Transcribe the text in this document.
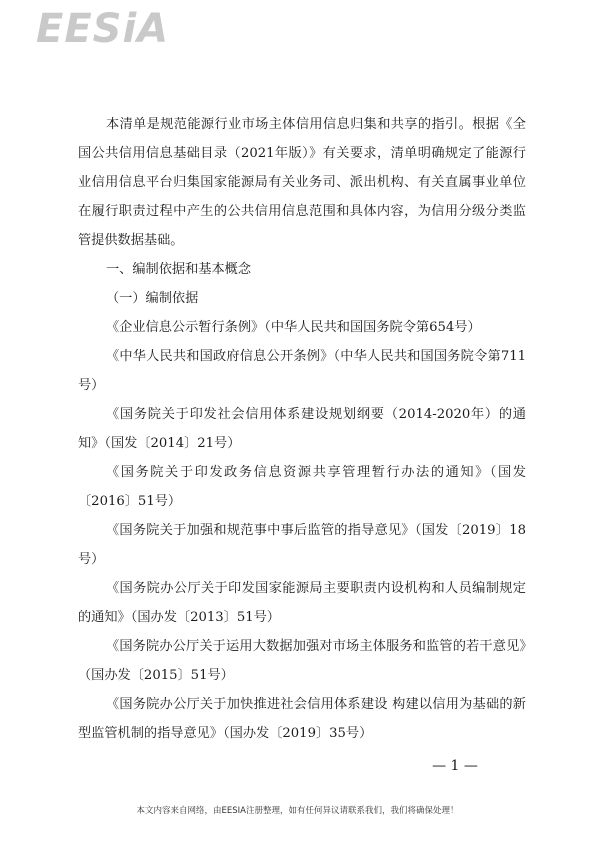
EESiA

本清单是规范能源行业市场主体信用信息归集和共享的指引。根据《全国公共信用信息基础目录（2021年版）》有关要求，清单明确规定了能源行业信用信息平台归集国家能源局有关业务司、派出机构、有关直属事业单位在履行职责过程中产生的公共信用信息范围和具体内容，为信用分级分类监管提供数据基础。

一、编制依据和基本概念

（一）编制依据

《企业信息公示暂行条例》（中华人民共和国国务院令第654号）

《中华人民共和国政府信息公开条例》（中华人民共和国国务院令第711号）

《国务院关于印发社会信用体系建设规划纲要（2014-2020年）的通知》（国发〔2014〕21号）

《国务院关于印发政务信息资源共享管理暂行办法的通知》（国发〔2016〕51号）

《国务院关于加强和规范事中事后监管的指导意见》（国发〔2019〕18号）

《国务院办公厅关于印发国家能源局主要职责内设机构和人员编制规定的通知》（国办发〔2013〕51号）

《国务院办公厅关于运用大数据加强对市场主体服务和监管的若干意见》（国办发〔2015〕51号）

《国务院办公厅关于加快推进社会信用体系建设 构建以信用为基础的新型监管机制的指导意见》（国办发〔2019〕35号）

— 1 —
本文内容来自网络，由EESIA注册整理，如有任何异议请联系我们，我们将确保处理！
